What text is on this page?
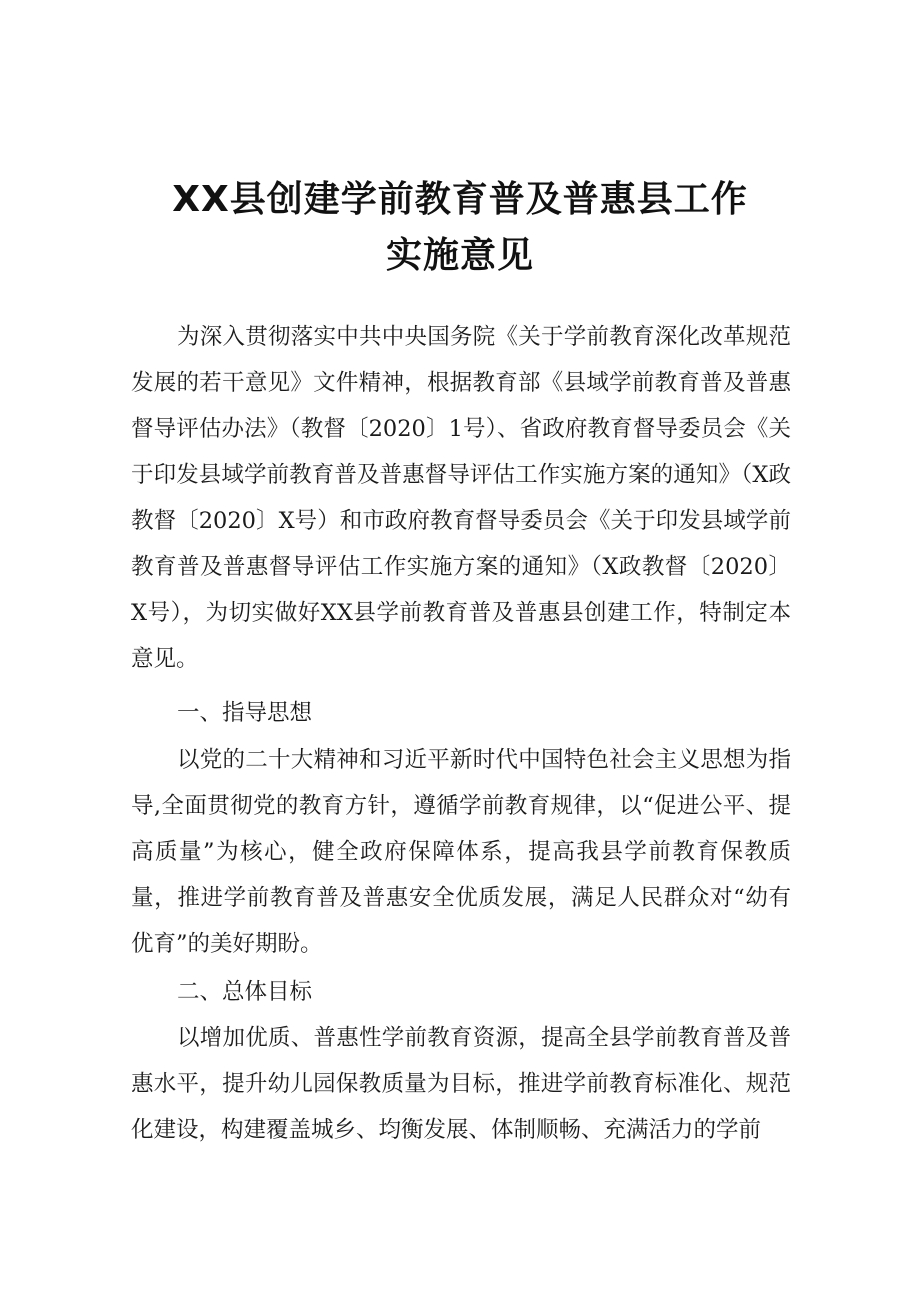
XX县创建学前教育普及普惠县工作
实施意见
为深入贯彻落实中共中央国务院《关于学前教育深化改革规范发展的若干意见》文件精神，根据教育部《县域学前教育普及普惠督导评估办法》（教督〔2020〕1号）、省政府教育督导委员会《关于印发县域学前教育普及普惠督导评估工作实施方案的通知》（X政教督〔2020〕X号）和市政府教育督导委员会《关于印发县域学前教育普及普惠督导评估工作实施方案的通知》（X政教督〔2020〕X号），为切实做好XX县学前教育普及普惠县创建工作，特制定本意见。
一、指导思想
以党的二十大精神和习近平新时代中国特色社会主义思想为指导,全面贯彻党的教育方针，遵循学前教育规律，以“促进公平、提高质量”为核心，健全政府保障体系，提高我县学前教育保教质量，推进学前教育普及普惠安全优质发展，满足人民群众对“幼有优育”的美好期盼。
二、总体目标
以增加优质、普惠性学前教育资源，提高全县学前教育普及普惠水平，提升幼儿园保教质量为目标，推进学前教育标准化、规范化建设，构建覆盖城乡、均衡发展、体制顺畅、充满活力的学前
